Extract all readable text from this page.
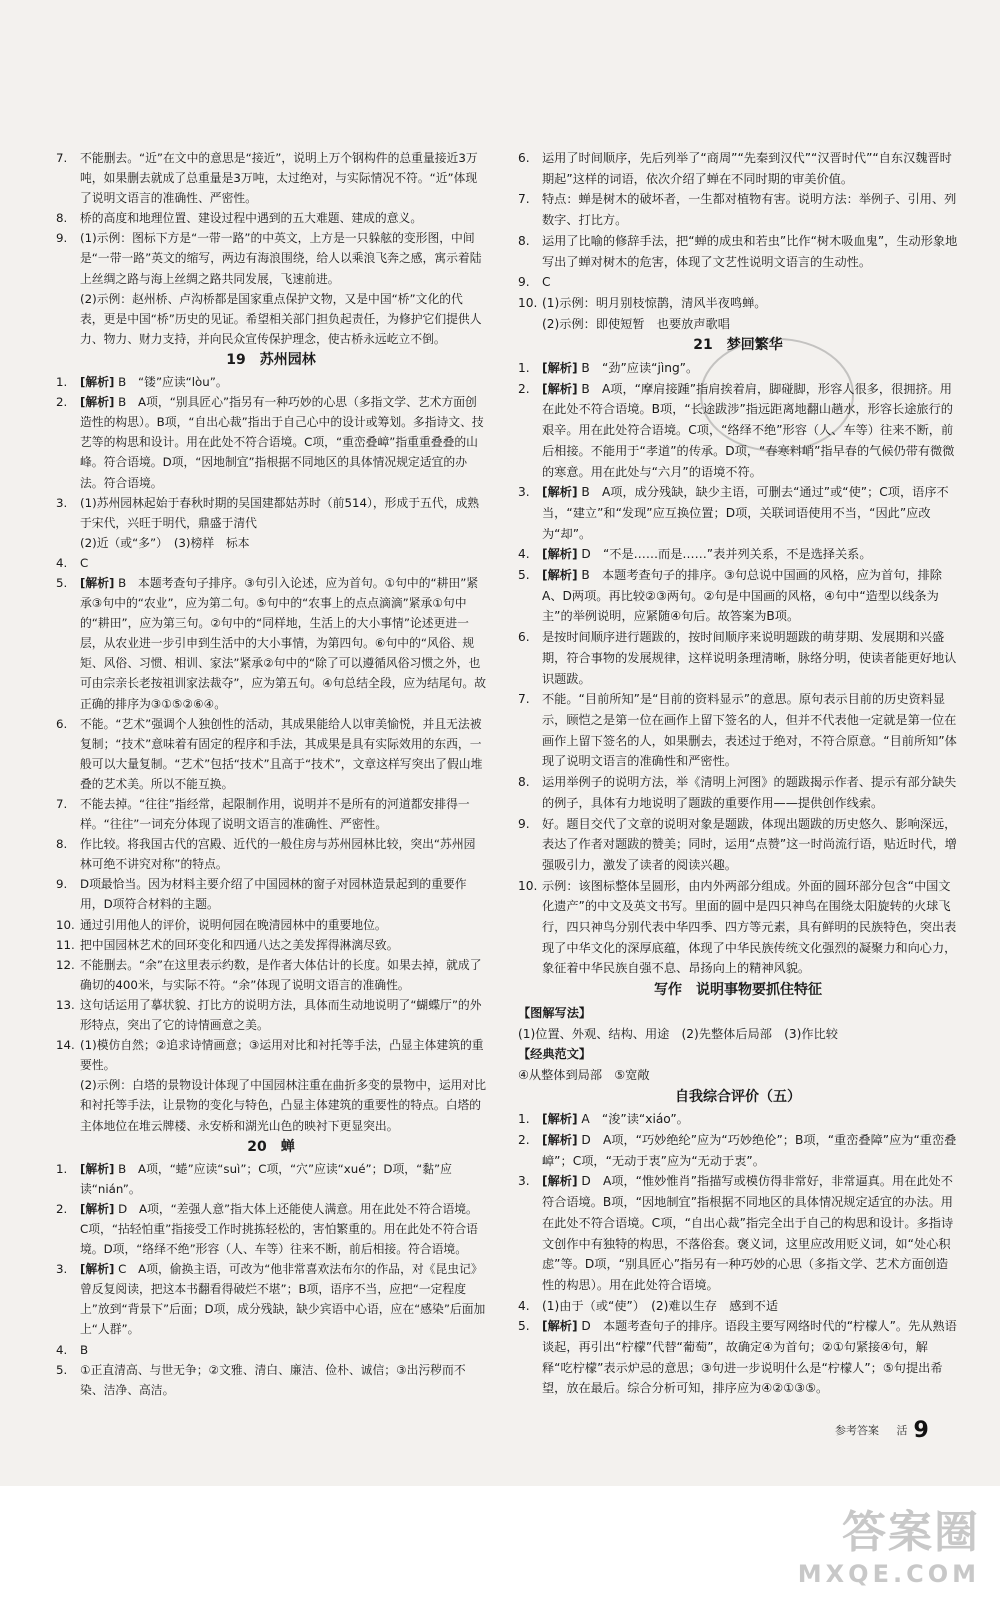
7. 不能删去。“近”在文中的意思是“接近”，说明上万个钢构件的总重量接近3万吨，如果删去就成了总重量是3万吨，太过绝对，与实际情况不符。“近”体现了说明文语言的准确性、严密性。
8. 桥的高度和地理位置、建设过程中遇到的五大难题、建成的意义。
9. (1)示例：图标下方是“一带一路”的中英文，上方是一只躲舷的变形图，中间是“一带一路”英文的缩写，两边有海浪围绕，给人以乘浪飞奔之感，寓示着陆上丝绸之路与海上丝绸之路共同发展，飞速前进。
(2)示例：赵州桥、卢沟桥都是国家重点保护文物，又是中国“桥”文化的代表，更是中国“桥”历史的见证。希望相关部门担负起责任，为修护它们提供人力、物力、财力支持，并向民众宣传保护理念，使古桥永远屹立不倒。
19　苏州园林
1. [解析] B　“镂”应读“lòu”。
2. [解析] B　A项，“别具匠心”指另有一种巧妙的心思（多指文学、艺术方面创造性的构思）。B项，“自出心裁”指出于自己心中的设计或筹划。多指诗文、技艺等的构思和设计。用在此处不符合语境。C项，“重峦叠嶂”指重重叠叠的山峰。符合语境。D项，“因地制宜”指根据不同地区的具体情况规定适宜的办法。符合语境。
3. (1)苏州园林起始于春秋时期的吴国建都姑苏时（前514），形成于五代，成熟于宋代，兴旺于明代，鼎盛于清代
(2)近（或“多”）　(3)榜样　标本
4. C
5. [解析] B　本题考查句子排序。③句引入论述，应为首句。①句中的“耕田”紧承③句中的“农业”，应为第二句。⑤句中的“农事上的点点滴滴”紧承①句中的“耕田”，应为第三句。②句中的“同样地，生活上的大小事情”论述更进一层，从农业进一步引申到生活中的大小事情，为第四句。⑥句中的“风俗、规矩、风俗、习惯、相训、家法”紧承②句中的“除了可以遵循风俗习惯之外，也可由宗亲长老按祖训家法裁夺”，应为第五句。④句总结全段，应为结尾句。故正确的排序为③①⑤②⑥④。
6. 不能。“艺术”强调个人独创性的活动，其成果能给人以审美愉悦，并且无法被复制；“技术”意味着有固定的程序和手法，其成果是具有实际效用的东西，一般可以大量复制。“艺术”包括“技术”且高于“技术”，文章这样写突出了假山堆叠的艺术美。所以不能互换。
7. 不能去掉。“往往”指经常，起限制作用，说明并不是所有的河道都安排得一样。“往往”一词充分体现了说明文语言的准确性、严密性。
8. 作比较。将我国古代的宫殿、近代的一般住房与苏州园林比较，突出“苏州园林可绝不讲究对称”的特点。
9. D项最恰当。因为材料主要介绍了中国园林的窗子对园林造景起到的重要作用，D项符合材料的主题。
10. 通过引用他人的评价，说明何园在晚清园林中的重要地位。
11. 把中国园林艺术的回环变化和四通八达之美发挥得淋漓尽致。
12. 不能删去。“余”在这里表示约数，是作者大体估计的长度。如果去掉，就成了确切的400米，与实际不符。“余”体现了说明文语言的准确性。
13. 这句话运用了摹状貌、打比方的说明方法，具体而生动地说明了“蝴蝶厅”的外形特点，突出了它的诗情画意之美。
14. (1)模仿自然；②追求诗情画意；③运用对比和衬托等手法，凸显主体建筑的重要性。
(2)示例：白塔的景物设计体现了中国园林注重在曲折多变的景物中，运用对比和衬托等手法，让景物的变化与特色，凸显主体建筑的重要性的特点。白塔的主体地位在堆云牌楼、永安桥和湖光山色的映衬下更显突出。
20　蝉
1. [解析] B　A项，“蜷”应读“suì”；C项，“穴”应读“xué”；D项，“黏”应读“nián”。
2. [解析] D　A项，“差强人意”指大体上还能使人满意。用在此处不符合语境。C项，“拈轻怕重”指接受工作时挑拣轻松的，害怕繁重的。用在此处不符合语境。D项，“络绎不绝”形容（人、车等）往来不断，前后相接。符合语境。
3. [解析] C　A项，偷换主语，可改为“他非常喜欢法布尔的作品，对《昆虫记》曾反复阅读，把这本书翻看得破烂不堪”；B项，语序不当，应把“一定程度上”放到“背景下”后面；D项，成分残缺，缺少宾语中心语，应在“感染”后面加上“人群”。
4. B
5. ①正直清高、与世无争；②文雅、清白、廉洁、俭朴、诚信；③出污秽而不染、洁净、高洁。
6. 运用了时间顺序，先后列举了“商周”“先秦到汉代”“汉晋时代”“自东汉魏晋时期起”这样的词语，依次介绍了蝉在不同时期的审美价值。
7. 特点：蝉是树木的破坏者，一生都对植物有害。说明方法：举例子、引用、列数字、打比方。
8. 运用了比喻的修辞手法，把“蝉的成虫和若虫”比作“树木吸血鬼”，生动形象地写出了蝉对树木的危害，体现了文艺性说明文语言的生动性。
9. C
10. (1)示例：明月别枝惊鹊，清风半夜鸣蝉。
(2)示例：即使短暂　也要放声歌唱
21　梦回繁华
1. [解析] B　“劲”应读“jìng”。
2. [解析] B　A项，“摩肩接踵”指肩挨着肩，脚碰脚，形容人很多，很拥挤。用在此处不符合语境。B项，“长途跋涉”指远距离地翻山趟水，形容长途旅行的艰辛。用在此处符合语境。C项，“络绎不绝”形容（人、车等）往来不断，前后相接。不能用于“孝道”的传承。D项，“春寒料峭”指早春的气候仍带有微微的寒意。用在此处与“六月”的语境不符。
3. [解析] B　A项，成分残缺，缺少主语，可删去“通过”或“使”；C项，语序不当，“建立”和“发现”应互换位置；D项，关联词语使用不当，“因此”应改为“却”。
4. [解析] D　“不是……而是……”表并列关系，不是选择关系。
5. [解析] B　本题考查句子的排序。③句总说中国画的风格，应为首句，排除A、D两项。再比较②③两句。②句是中国画的风格，④句中“造型以线条为主”的举例说明，应紧随④句后。故答案为B项。
6. 是按时间顺序进行题跋的，按时间顺序来说明题跋的萌芽期、发展期和兴盛期，符合事物的发展规律，这样说明条理清晰，脉络分明，使读者能更好地认识题跋。
7. 不能。“目前所知”是“目前的资料显示”的意思。原句表示目前的历史资料显示，顾恺之是第一位在画作上留下签名的人，但并不代表他一定就是第一位在画作上留下签名的人，如果删去，表述过于绝对，不符合原意。“目前所知”体现了说明文语言的准确性和严密性。
8. 运用举例子的说明方法，举《清明上河图》的题跋揭示作者、提示有部分缺失的例子，具体有力地说明了题跋的重要作用——提供创作线索。
9. 好。题目交代了文章的说明对象是题跋，体现出题跋的历史悠久、影响深远，表达了作者对题跋的赞美；同时，运用“点赞”这一时尚流行语，贴近时代，增强吸引力，激发了读者的阅读兴趣。
10. 示例：该图标整体呈圆形，由内外两部分组成。外面的圆环部分包含“中国文化遗产”的中文及英文书写。里面的圆中是四只神鸟在围绕太阳旋转的火球飞行，四只神鸟分别代表中华四季、四方等元素，具有鲜明的民族特色，突出表现了中华文化的深厚底蕴，体现了中华民族传统文化强烈的凝聚力和向心力，象征着中华民族自强不息、昂扬向上的精神风貌。
写作　说明事物要抓住特征
【图解写法】
(1)位置、外观、结构、用途　(2)先整体后局部　(3)作比较
【经典范文】
④从整体到局部　⑤宽敞
自我综合评价（五）
1. [解析] A　“浚”读“xiáo”。
2. [解析] D　A项，“巧妙绝纶”应为“巧妙绝伦”；B项，“重峦叠障”应为“重峦叠嶂”；C项，“无动于衷”应为“无动于衷”。
3. [解析] D　A项，“惟妙惟肖”指描写或模仿得非常好，非常逼真。用在此处不符合语境。B项，“因地制宜”指根据不同地区的具体情况规定适宜的办法。用在此处不符合语境。C项，“自出心裁”指完全出于自己的构思和设计。多指诗文创作中有独特的构思，不落俗套。褒义词，这里应改用贬义词，如“处心积虑”等。D项，“别具匠心”指另有一种巧妙的心思（多指文学、艺术方面创造性的构思）。用在此处符合语境。
4. (1)由于（或“使”）　(2)难以生存　感到不适
5. [解析] D　本题考查句子的排序。语段主要写网络时代的“柠檬人”。先从熟语谈起，再引出“柠檬”代替“葡萄”，故确定④为首句；②①句紧接④句，解释“吃柠檬”表示炉忌的意思；③句进一步说明什么是“柠檬人”；⑤句提出希望，放在最后。综合分析可知，排序应为④②①③⑤。
参考答案 活 9
答案圈
MXQE.COM
